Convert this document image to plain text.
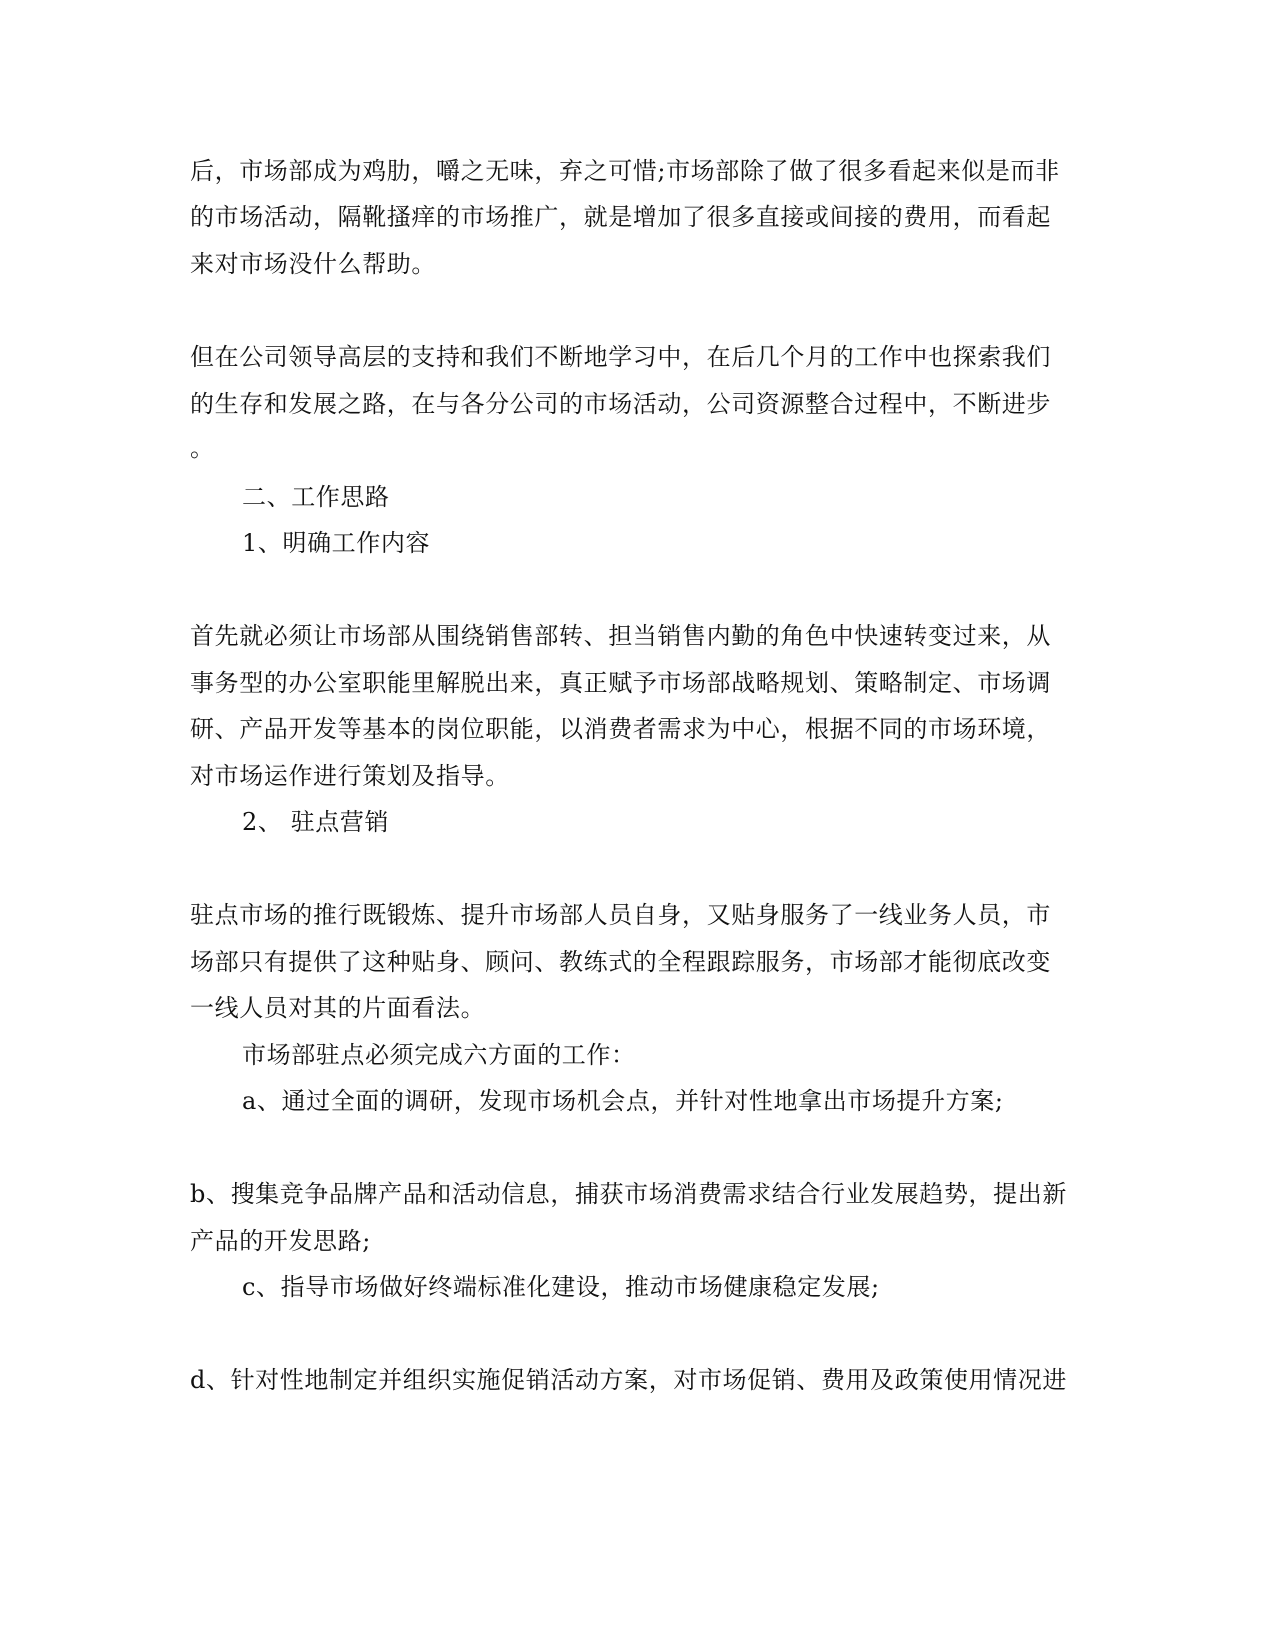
后，市场部成为鸡肋，嚼之无味，弃之可惜;市场部除了做了很多看起来似是而非
的市场活动，隔靴搔痒的市场推广，就是增加了很多直接或间接的费用，而看起
来对市场没什么帮助。
但在公司领导高层的支持和我们不断地学习中，在后几个月的工作中也探索我们
的生存和发展之路，在与各分公司的市场活动，公司资源整合过程中，不断进步
。
二、工作思路
1、明确工作内容
首先就必须让市场部从围绕销售部转、担当销售内勤的角色中快速转变过来，从
事务型的办公室职能里解脱出来，真正赋予市场部战略规划、策略制定、市场调
研、产品开发等基本的岗位职能，以消费者需求为中心，根据不同的市场环境，
对市场运作进行策划及指导。
2、 驻点营销
驻点市场的推行既锻炼、提升市场部人员自身，又贴身服务了一线业务人员，市
场部只有提供了这种贴身、顾问、教练式的全程跟踪服务，市场部才能彻底改变
一线人员对其的片面看法。
市场部驻点必须完成六方面的工作：
a、通过全面的调研，发现市场机会点，并针对性地拿出市场提升方案;
b、搜集竞争品牌产品和活动信息，捕获市场消费需求结合行业发展趋势，提出新
产品的开发思路;
c、指导市场做好终端标准化建设，推动市场健康稳定发展;
d、针对性地制定并组织实施促销活动方案，对市场促销、费用及政策使用情况进
